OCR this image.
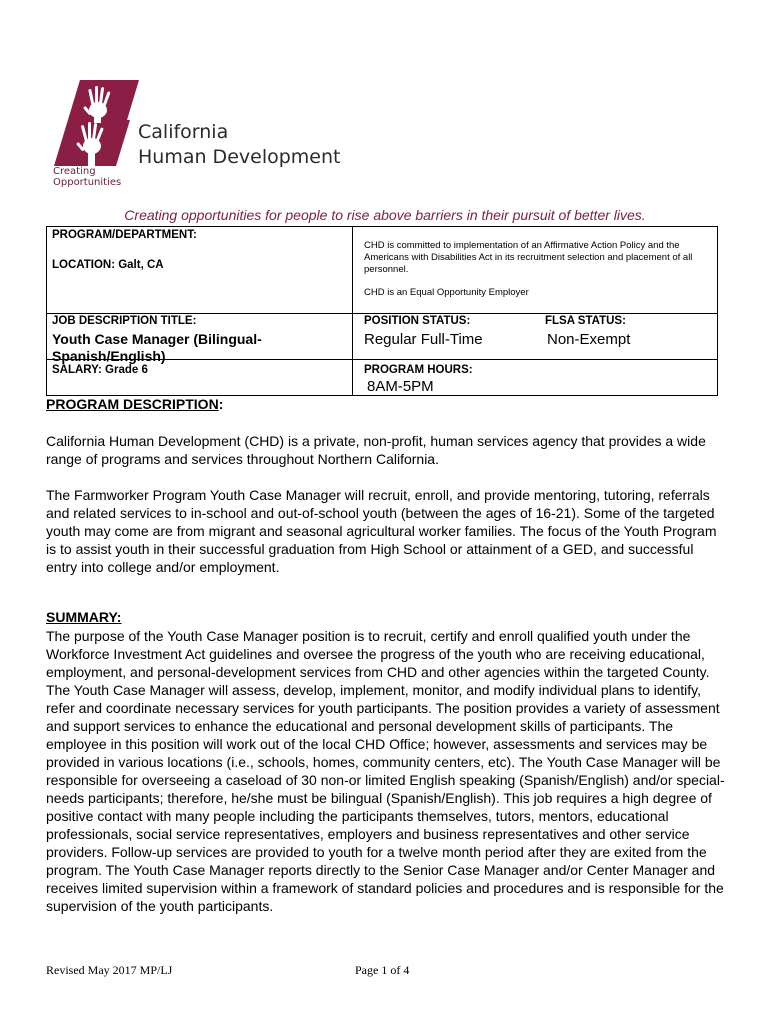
California
Human Development
Creating
Opportunities
Creating opportunities for people to rise above barriers in their pursuit of better lives.
PROGRAM/DEPARTMENT:
LOCATION: Galt, CA
CHD is committed to implementation of an Affirmative Action Policy and the Americans with Disabilities Act in its recruitment selection and placement of all personnel.
CHD is an Equal Opportunity Employer
JOB DESCRIPTION TITLE:
Youth Case Manager (Bilingual-Spanish/English)
SALARY: Grade 6
POSITION STATUS:
Regular Full-Time
FLSA STATUS:
Non-Exempt
PROGRAM HOURS:
8AM-5PM
PROGRAM DESCRIPTION:

California Human Development (CHD) is a private, non-profit, human services agency that provides a wide range of programs and services throughout Northern California.

The Farmworker Program Youth Case Manager will recruit, enroll, and provide mentoring, tutoring, referrals and related services to in-school and out-of-school youth (between the ages of 16-21). Some of the targeted youth may come are from migrant and seasonal agricultural worker families. The focus of the Youth Program is to assist youth in their successful graduation from High School or attainment of a GED, and successful entry into college and/or employment.

SUMMARY:

The purpose of the Youth Case Manager position is to recruit, certify and enroll qualified youth under the Workforce Investment Act guidelines and oversee the progress of the youth who are receiving educational, employment, and personal-development services from CHD and other agencies within the targeted County. The Youth Case Manager will assess, develop, implement, monitor, and modify individual plans to identify, refer and coordinate necessary services for youth participants. The position provides a variety of assessment and support services to enhance the educational and personal development skills of participants. The employee in this position will work out of the local CHD Office; however, assessments and services may be provided in various locations (i.e., schools, homes, community centers, etc). The Youth Case Manager will be responsible for overseeing a caseload of 30 non-or limited English speaking (Spanish/English) and/or special-needs participants; therefore, he/she must be bilingual (Spanish/English). This job requires a high degree of positive contact with many people including the participants themselves, tutors, mentors, educational professionals, social service representatives, employers and business representatives and other service providers. Follow-up services are provided to youth for a twelve month period after they are exited from the program. The Youth Case Manager reports directly to the Senior Case Manager and/or Center Manager and receives limited supervision within a framework of standard policies and procedures and is responsible for the supervision of the youth participants.

Revised May 2017 MP/LJ	Page 1 of 4
